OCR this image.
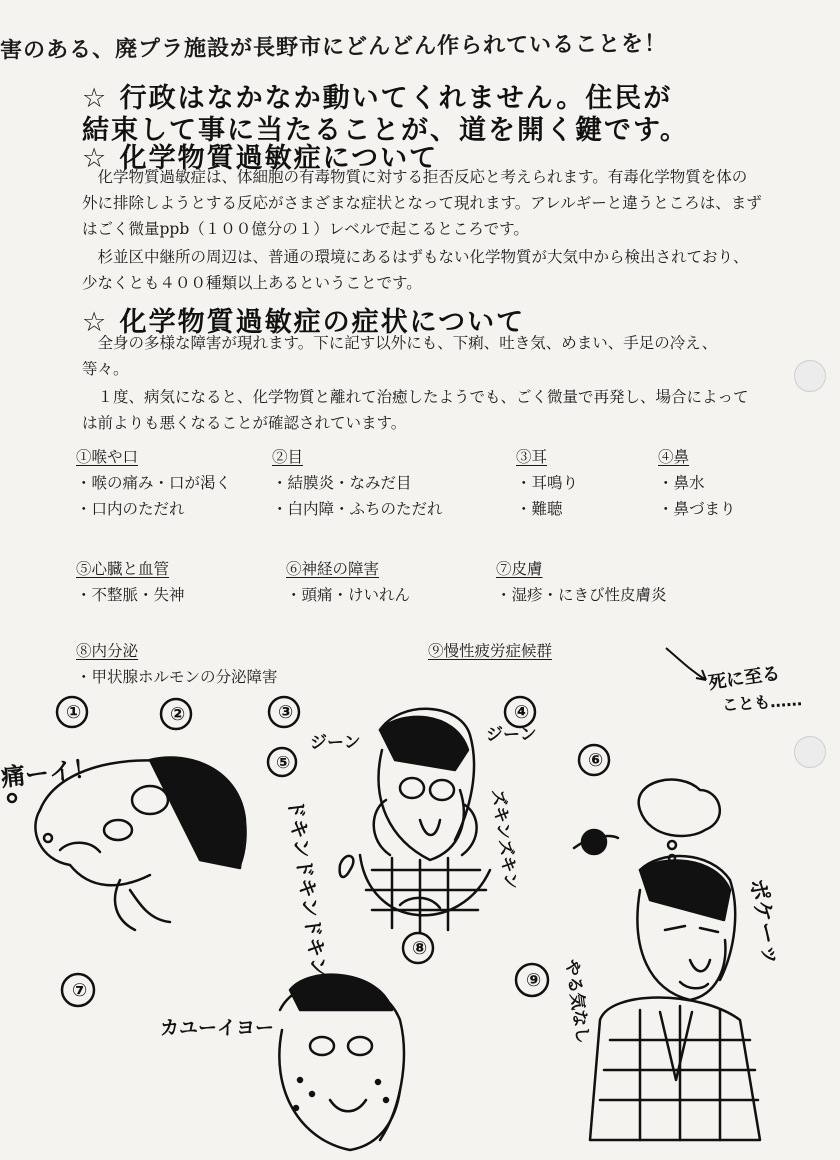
害のある、廃プラ施設が長野市にどんどん作られていることを！
☆ 行政はなかなか動いてくれません。住民が
結束して事に当たることが、道を開く鍵です。
☆ 化学物質過敏症について

化学物質過敏症は、体細胞の有毒物質に対する拒否反応と考えられます。有毒化学物質を体の外に排除しようとする反応がさまざまな症状となって現れます。アレルギーと違うところは、まずはごく微量ppb（１００億分の１）レベルで起こるところです。

杉並区中継所の周辺は、普通の環境にあるはずもない化学物質が大気中から検出されており、少なくとも４００種類以上あるということです。

☆ 化学物質過敏症の症状について

全身の多様な障害が現れます。下に記す以外にも、下痢、吐き気、めまい、手足の冷え、等々。

１度、病気になると、化学物質と離れて治癒したようでも、ごく微量で再発し、場合によっては前よりも悪くなることが確認されています。

①喉や口
・喉の痛み・口が渇く
・口内のただれ
②目
・結膜炎・なみだ目
・白内障・ふちのただれ
③耳
・耳鳴り
・難聴
④鼻
・鼻水
・鼻づまり
⑤心臓と血管
・不整脈・失神
⑥神経の障害
・頭痛・けいれん
⑦皮膚
・湿疹・にきび性皮膚炎
⑧内分泌
・甲状腺ホルモンの分泌障害
⑨慢性疲労症候群
死に至る
ことも……
①	②	③	④
⑤	⑥
⑦
⑧
⑨
痛ーイ！
ジーン	ジーン
ドキンドキンドキン	ズキンズキン
カユーイヨー
ポケーッ
やる気なし
